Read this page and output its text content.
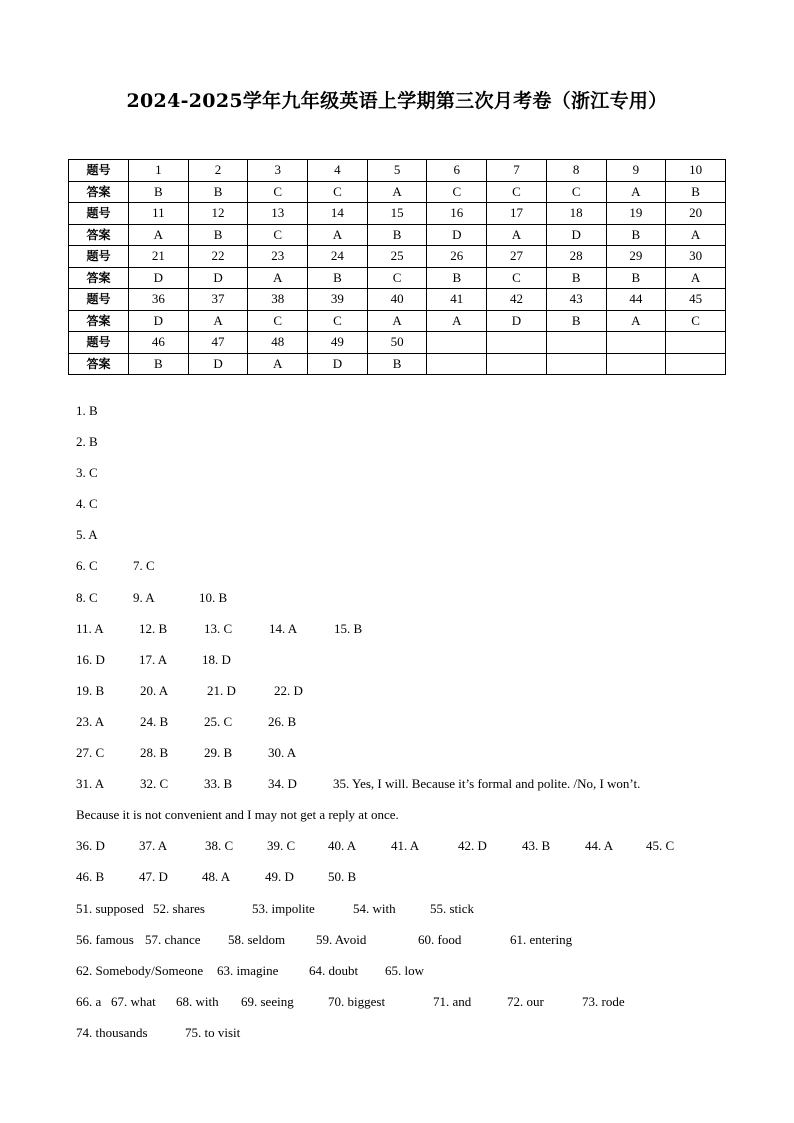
2024-2025学年九年级英语上学期第三次月考卷（浙江专用）
题号	1	2	3	4	5	6	7	8	9	10
答案	B	B	C	C	A	C	C	C	A	B
题号	11	12	13	14	15	16	17	18	19	20
答案	A	B	C	A	B	D	A	D	B	A
题号	21	22	23	24	25	26	27	28	29	30
答案	D	D	A	B	C	B	C	B	B	A
题号	36	37	38	39	40	41	42	43	44	45
答案	D	A	C	C	A	A	D	B	A	C
题号	46	47	48	49	50					
答案	B	D	A	D	B					
1. B
2. B
3. C
4. C
5. A
6. C	7. C
8. C	9. A	10. B
11. A	12. B	13. C	14. A	15. B
16. D	17. A	18. D
19. B	20. A	21. D	22. D
23. A	24. B	25. C	26. B
27. C	28. B	29. B	30. A
31. A	32. C	33. B	34. D	35. Yes, I will. Because it’s formal and polite. /No, I won’t.
Because it is not convenient and I may not get a reply at once.
36. D	37. A	38. C	39. C	40. A	41. A	42. D	43. B	44. A	45. C
46. B	47. D	48. A	49. D	50. B
51. supposed 52. shares	53. impolite	54. with	55. stick
56. famous 57. chance 58. seldom 59. Avoid	60. food	61. entering
62. Somebody/Someone 63. imagine 64. doubt 65. low
66. a 67. what 68. with 69. seeing	70. biggest	71. and	72. our	73. rode
74. thousands	75. to visit
